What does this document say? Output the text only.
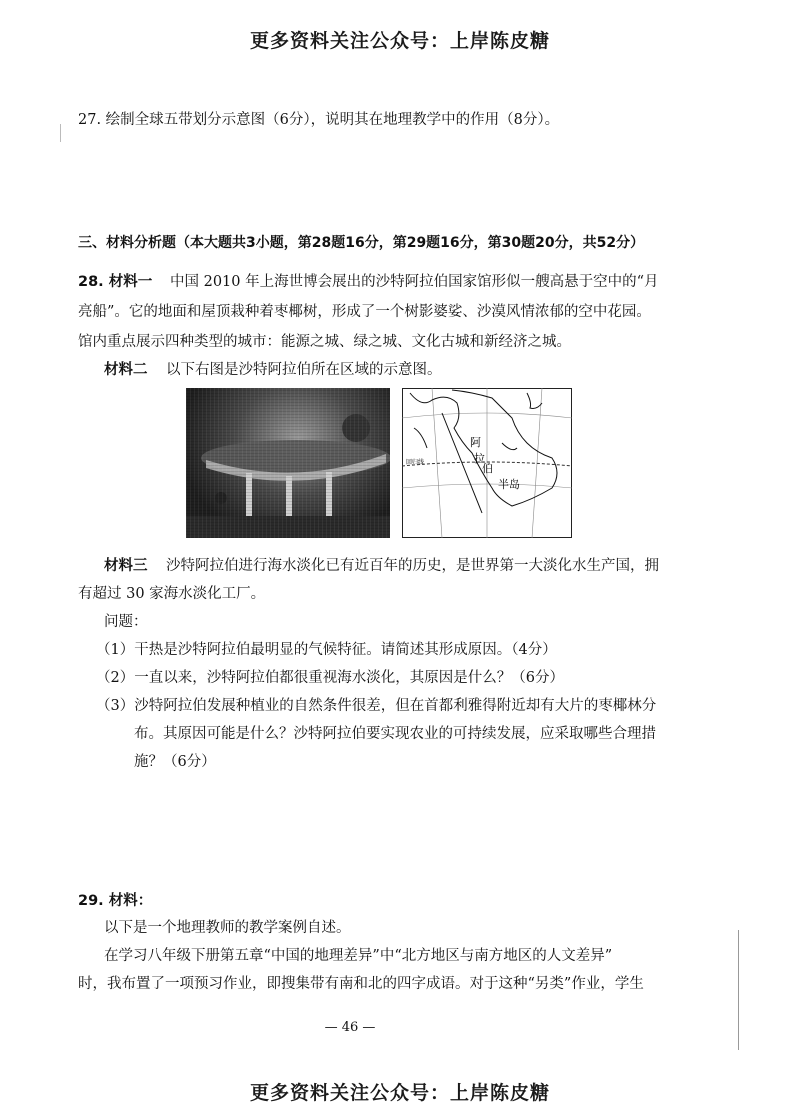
更多资料关注公众号：上岸陈皮糖
27. 绘制全球五带划分示意图（6分），说明其在地理教学中的作用（8分）。
三、材料分析题（本大题共3小题，第28题16分，第29题16分，第30题20分，共52分）
28. 材料一 中国 2010 年上海世博会展出的沙特阿拉伯国家馆形似一艘高悬于空中的“月
亮船”。它的地面和屋顶栽种着枣椰树，形成了一个树影婆娑、沙漠风情浓郁的空中花园。
馆内重点展示四种类型的城市：能源之城、绿之城、文化古城和新经济之城。
材料二 以下右图是沙特阿拉伯所在区域的示意图。
阿
拉
伯
半岛
回归线
材料三 沙特阿拉伯进行海水淡化已有近百年的历史，是世界第一大淡化水生产国，拥
有超过 30 家海水淡化工厂。
问题：
（1）干热是沙特阿拉伯最明显的气候特征。请简述其形成原因。（4分）
（2）一直以来，沙特阿拉伯都很重视海水淡化，其原因是什么？（6分）
（3）沙特阿拉伯发展种植业的自然条件很差，但在首都利雅得附近却有大片的枣椰林分
布。其原因可能是什么？沙特阿拉伯要实现农业的可持续发展，应采取哪些合理措
施？（6分）
29. 材料：
以下是一个地理教师的教学案例自述。
在学习八年级下册第五章“中国的地理差异”中“北方地区与南方地区的人文差异”
时，我布置了一项预习作业，即搜集带有南和北的四字成语。对于这种“另类”作业，学生
— 46 —
更多资料关注公众号：上岸陈皮糖
